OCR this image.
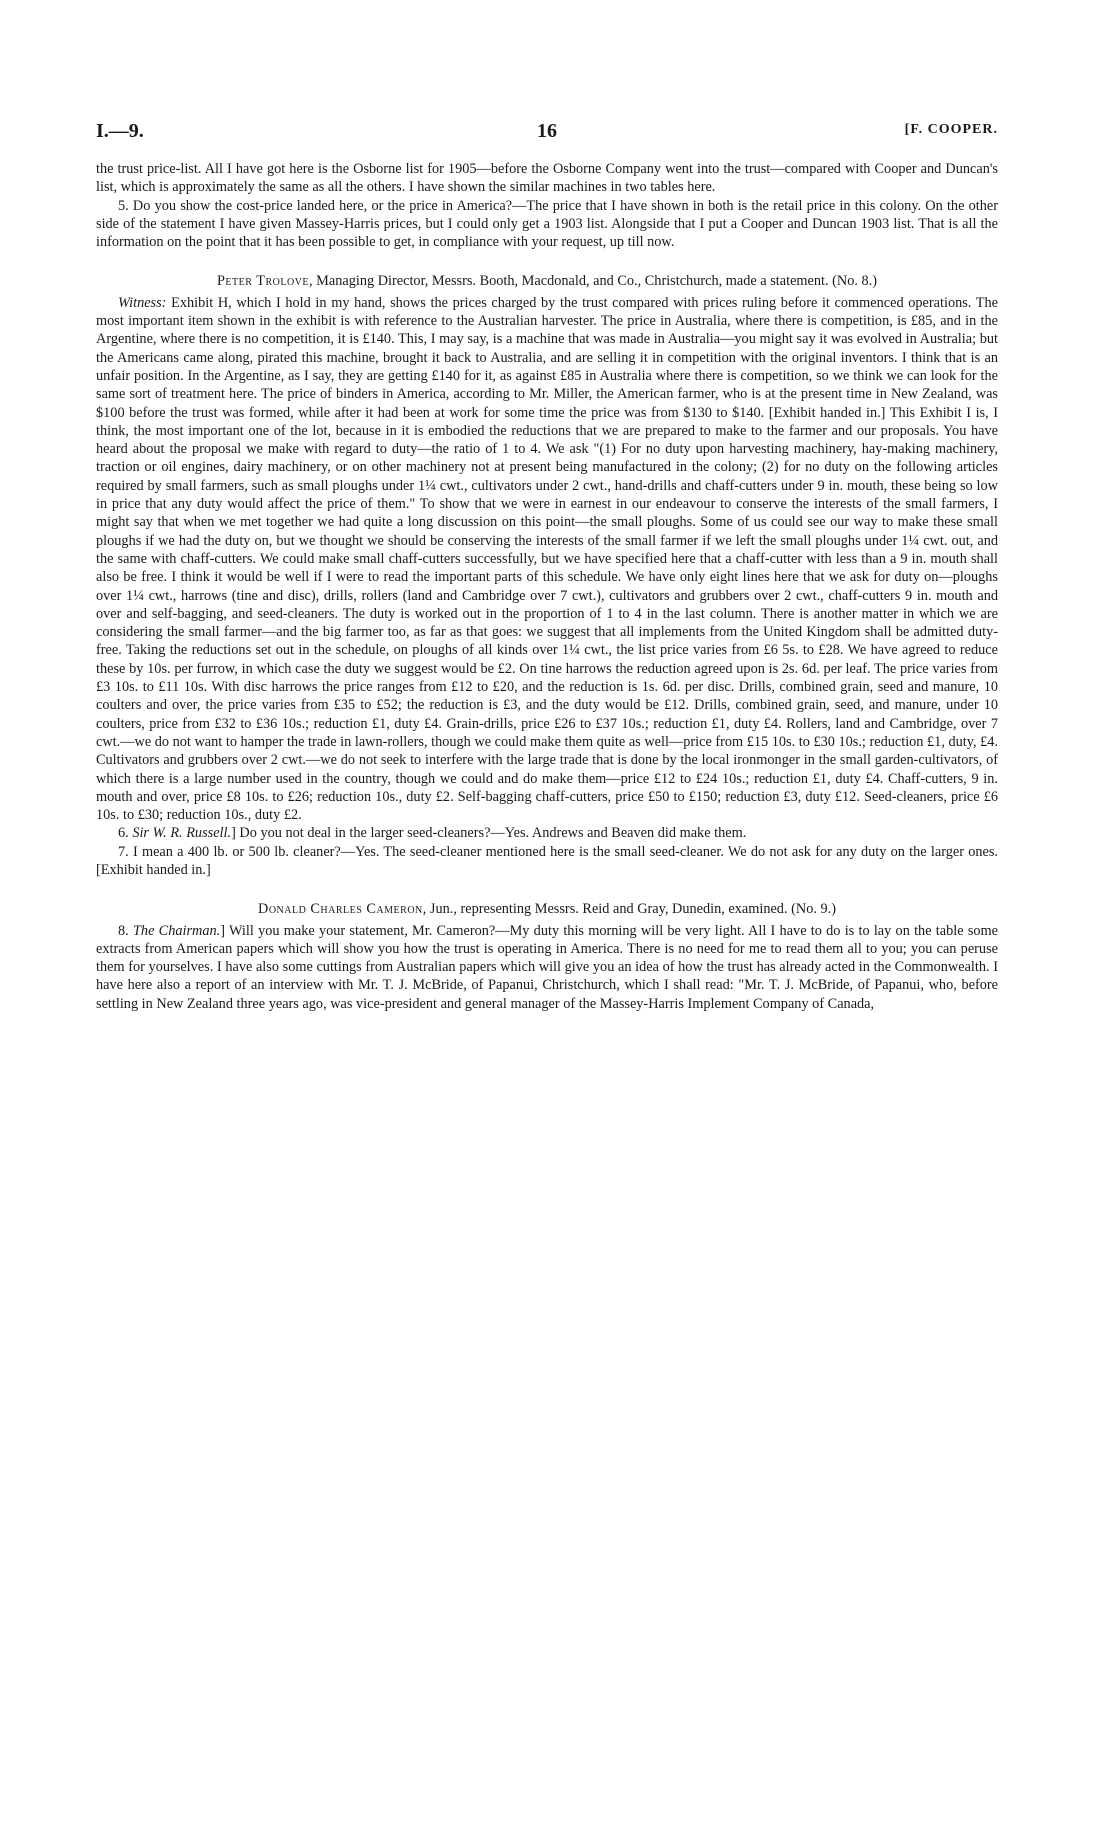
I.—9.	16	[F. COOPER.

the trust price-list. All I have got here is the Osborne list for 1905—before the Osborne Company went into the trust—compared with Cooper and Duncan's list, which is approximately the same as all the others. I have shown the similar machines in two tables here.

5. Do you show the cost-price landed here, or the price in America?—The price that I have shown in both is the retail price in this colony. On the other side of the statement I have given Massey-Harris prices, but I could only get a 1903 list. Alongside that I put a Cooper and Duncan 1903 list. That is all the information on the point that it has been possible to get, in compliance with your request, up till now.

Peter Trolove, Managing Director, Messrs. Booth, Macdonald, and Co., Christchurch, made a statement. (No. 8.)

Witness: Exhibit H, which I hold in my hand, shows the prices charged by the trust compared with prices ruling before it commenced operations. The most important item shown in the exhibit is with reference to the Australian harvester. The price in Australia, where there is competition, is £85, and in the Argentine, where there is no competition, it is £140. This, I may say, is a machine that was made in Australia—you might say it was evolved in Australia; but the Americans came along, pirated this machine, brought it back to Australia, and are selling it in competition with the original inventors. I think that is an unfair position. In the Argentine, as I say, they are getting £140 for it, as against £85 in Australia where there is competition, so we think we can look for the same sort of treatment here. The price of binders in America, according to Mr. Miller, the American farmer, who is at the present time in New Zealand, was $100 before the trust was formed, while after it had been at work for some time the price was from $130 to $140. [Exhibit handed in.] This Exhibit I is, I think, the most important one of the lot, because in it is embodied the reductions that we are prepared to make to the farmer and our proposals. You have heard about the proposal we make with regard to duty—the ratio of 1 to 4. We ask "(1) For no duty upon harvesting machinery, hay-making machinery, traction or oil engines, dairy machinery, or on other machinery not at present being manufactured in the colony; (2) for no duty on the following articles required by small farmers, such as small ploughs under 1¼ cwt., cultivators under 2 cwt., hand-drills and chaff-cutters under 9 in. mouth, these being so low in price that any duty would affect the price of them." To show that we were in earnest in our endeavour to conserve the interests of the small farmers, I might say that when we met together we had quite a long discussion on this point—the small ploughs. Some of us could see our way to make these small ploughs if we had the duty on, but we thought we should be conserving the interests of the small farmer if we left the small ploughs under 1¼ cwt. out, and the same with chaff-cutters. We could make small chaff-cutters successfully, but we have specified here that a chaff-cutter with less than a 9 in. mouth shall also be free. I think it would be well if I were to read the important parts of this schedule. We have only eight lines here that we ask for duty on—ploughs over 1¼ cwt., harrows (tine and disc), drills, rollers (land and Cambridge over 7 cwt.), cultivators and grubbers over 2 cwt., chaff-cutters 9 in. mouth and over and self-bagging, and seed-cleaners. The duty is worked out in the proportion of 1 to 4 in the last column. There is another matter in which we are considering the small farmer—and the big farmer too, as far as that goes: we suggest that all implements from the United Kingdom shall be admitted duty-free. Taking the reductions set out in the schedule, on ploughs of all kinds over 1¼ cwt., the list price varies from £6 5s. to £28. We have agreed to reduce these by 10s. per furrow, in which case the duty we suggest would be £2. On tine harrows the reduction agreed upon is 2s. 6d. per leaf. The price varies from £3 10s. to £11 10s. With disc harrows the price ranges from £12 to £20, and the reduction is 1s. 6d. per disc. Drills, combined grain, seed and manure, 10 coulters and over, the price varies from £35 to £52; the reduction is £3, and the duty would be £12. Drills, combined grain, seed, and manure, under 10 coulters, price from £32 to £36 10s.; reduction £1, duty £4. Grain-drills, price £26 to £37 10s.; reduction £1, duty £4. Rollers, land and Cambridge, over 7 cwt.—we do not want to hamper the trade in lawn-rollers, though we could make them quite as well—price from £15 10s. to £30 10s.; reduction £1, duty, £4. Cultivators and grubbers over 2 cwt.—we do not seek to interfere with the large trade that is done by the local ironmonger in the small garden-cultivators, of which there is a large number used in the country, though we could and do make them—price £12 to £24 10s.; reduction £1, duty £4. Chaff-cutters, 9 in. mouth and over, price £8 10s. to £26; reduction 10s., duty £2. Self-bagging chaff-cutters, price £50 to £150; reduction £3, duty £12. Seed-cleaners, price £6 10s. to £30; reduction 10s., duty £2.

6. Sir W. R. Russell.] Do you not deal in the larger seed-cleaners?—Yes. Andrews and Beaven did make them.

7. I mean a 400 lb. or 500 lb. cleaner?—Yes. The seed-cleaner mentioned here is the small seed-cleaner. We do not ask for any duty on the larger ones. [Exhibit handed in.]

Donald Charles Cameron, Jun., representing Messrs. Reid and Gray, Dunedin, examined. (No. 9.)

8. The Chairman.] Will you make your statement, Mr. Cameron?—My duty this morning will be very light. All I have to do is to lay on the table some extracts from American papers which will show you how the trust is operating in America. There is no need for me to read them all to you; you can peruse them for yourselves. I have also some cuttings from Australian papers which will give you an idea of how the trust has already acted in the Commonwealth. I have here also a report of an interview with Mr. T. J. McBride, of Papanui, Christchurch, which I shall read: "Mr. T. J. McBride, of Papanui, who, before settling in New Zealand three years ago, was vice-president and general manager of the Massey-Harris Implement Company of Canada,
